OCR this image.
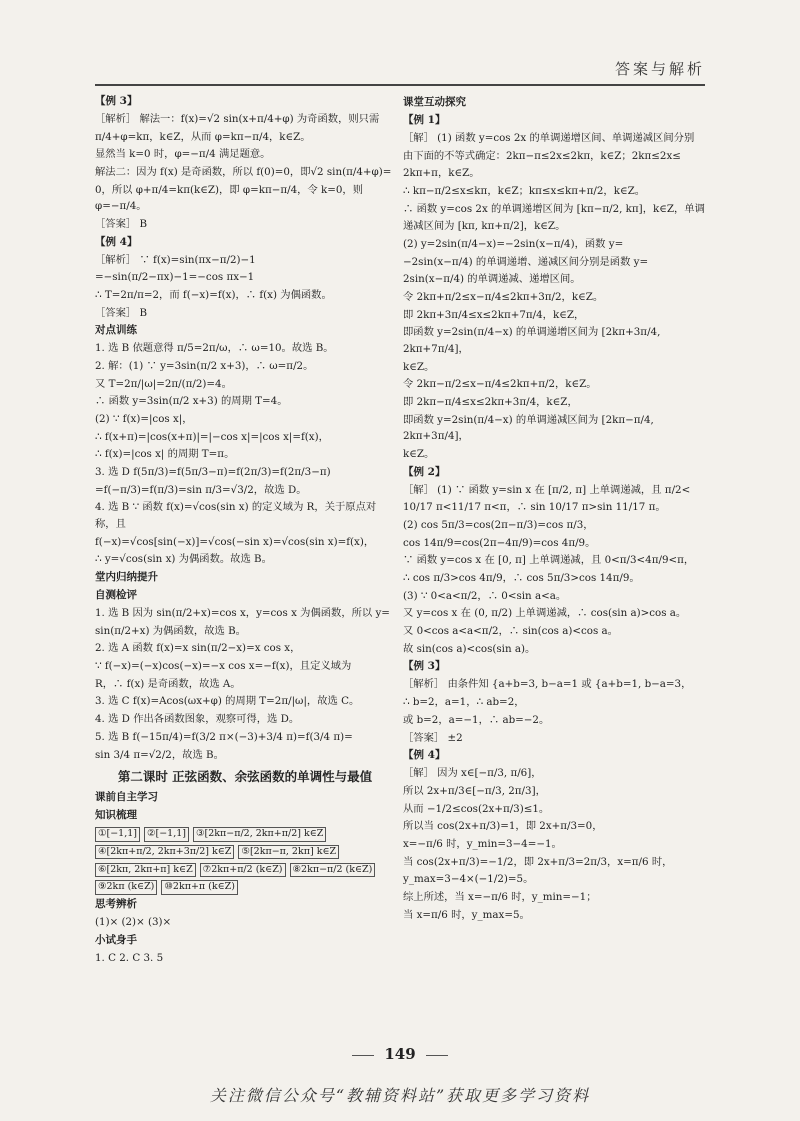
答案与解析

【例 3】

［解析］ 解法一：f(x)=√2 sin(x+π/4+φ) 为奇函数，则只需

π/4+φ=kπ，k∈Z，从而 φ=kπ−π/4，k∈Z。

显然当 k=0 时，φ=−π/4 满足题意。

解法二：因为 f(x) 是奇函数，所以 f(0)=0，即√2 sin(π/4+φ)=

0，所以 φ+π/4=kπ(k∈Z)，即 φ=kπ−π/4，令 k=0，则 φ=−π/4。

［答案］ B

【例 4】

［解析］ ∵ f(x)=sin(πx−π/2)−1

=−sin(π/2−πx)−1=−cos πx−1

∴ T=2π/π=2，而 f(−x)=f(x)，∴ f(x) 为偶函数。

［答案］ B

对点训练

1. 选 B 依题意得 π/5=2π/ω，∴ ω=10。故选 B。

2. 解：(1) ∵ y=3sin(π/2 x+3)，∴ ω=π/2。

又 T=2π/|ω|=2π/(π/2)=4。

∴ 函数 y=3sin(π/2 x+3) 的周期 T=4。

(2) ∵ f(x)=|cos x|，

∴ f(x+π)=|cos(x+π)|=|−cos x|=|cos x|=f(x)，

∴ f(x)=|cos x| 的周期 T=π。

3. 选 D f(5π/3)=f(5π/3−π)=f(2π/3)=f(2π/3−π)

=f(−π/3)=f(π/3)=sin π/3=√3/2，故选 D。

4. 选 B ∵ 函数 f(x)=√cos(sin x) 的定义域为 R，关于原点对称，且

f(−x)=√cos[sin(−x)]=√cos(−sin x)=√cos(sin x)=f(x)，

∴ y=√cos(sin x) 为偶函数。故选 B。

堂内归纳提升

自测检评

1. 选 B 因为 sin(π/2+x)=cos x，y=cos x 为偶函数，所以 y=

sin(π/2+x) 为偶函数，故选 B。

2. 选 A 函数 f(x)=x sin(π/2−x)=x cos x，

∵ f(−x)=(−x)cos(−x)=−x cos x=−f(x)，且定义域为

R，∴ f(x) 是奇函数，故选 A。

3. 选 C f(x)=Acos(ωx+φ) 的周期 T=2π/|ω|，故选 C。

4. 选 D 作出各函数图象，观察可得，选 D。

5. 选 B f(−15π/4)=f(3/2 π×(−3)+3/4 π)=f(3/4 π)=

sin 3/4 π=√2/2，故选 B。

第二课时 正弦函数、余弦函数的单调性与最值

课前自主学习

知识梳理

①[−1,1] ②[−1,1] ③[2kπ−π/2, 2kπ+π/2] k∈Z

④[2kπ+π/2, 2kπ+3π/2] k∈Z ⑤[2kπ−π, 2kπ] k∈Z

⑥[2kπ, 2kπ+π] k∈Z ⑦2kπ+π/2 (k∈Z) ⑧2kπ−π/2 (k∈Z)

⑨2kπ (k∈Z) ⑩2kπ+π (k∈Z)

思考辨析

(1)× (2)× (3)×

小试身手

1. C 2. C 3. 5

课堂互动探究

【例 1】

［解］ (1) 函数 y=cos 2x 的单调递增区间、单调递减区间分别

由下面的不等式确定：2kπ−π≤2x≤2kπ，k∈Z；2kπ≤2x≤

2kπ+π，k∈Z。

∴ kπ−π/2≤x≤kπ，k∈Z；kπ≤x≤kπ+π/2，k∈Z。

∴ 函数 y=cos 2x 的单调递增区间为 [kπ−π/2, kπ]，k∈Z，单调

递减区间为 [kπ, kπ+π/2]，k∈Z。

(2) y=2sin(π/4−x)=−2sin(x−π/4)，函数 y=

−2sin(x−π/4) 的单调递增、递减区间分别是函数 y=

2sin(x−π/4) 的单调递减、递增区间。

令 2kπ+π/2≤x−π/4≤2kπ+3π/2，k∈Z。

即 2kπ+3π/4≤x≤2kπ+7π/4，k∈Z，

即函数 y=2sin(π/4−x) 的单调递增区间为 [2kπ+3π/4, 2kπ+7π/4]，

k∈Z。

令 2kπ−π/2≤x−π/4≤2kπ+π/2，k∈Z。

即 2kπ−π/4≤x≤2kπ+3π/4，k∈Z，

即函数 y=2sin(π/4−x) 的单调递减区间为 [2kπ−π/4, 2kπ+3π/4]，

k∈Z。

【例 2】

［解］ (1) ∵ 函数 y=sin x 在 [π/2, π] 上单调递减，且 π/2<

10/17 π<11/17 π<π，∴ sin 10/17 π>sin 11/17 π。

(2) cos 5π/3=cos(2π−π/3)=cos π/3，

cos 14π/9=cos(2π−4π/9)=cos 4π/9。

∵ 函数 y=cos x 在 [0, π] 上单调递减，且 0<π/3<4π/9<π，

∴ cos π/3>cos 4π/9，∴ cos 5π/3>cos 14π/9。

(3) ∵ 0<a<π/2，∴ 0<sin a<a。

又 y=cos x 在 (0, π/2) 上单调递减，∴ cos(sin a)>cos a。

又 0<cos a<a<π/2，∴ sin(cos a)<cos a。

故 sin(cos a)<cos(sin a)。

【例 3】

［解析］ 由条件知 {a+b=3, b−a=1 或 {a+b=1, b−a=3，

∴ b=2，a=1，∴ ab=2，

或 b=2，a=−1，∴ ab=−2。

［答案］ ±2

【例 4】

［解］ 因为 x∈[−π/3, π/6]，

所以 2x+π/3∈[−π/3, 2π/3]，

从而 −1/2≤cos(2x+π/3)≤1。

所以当 cos(2x+π/3)=1，即 2x+π/3=0，

x=−π/6 时，y_min=3−4=−1。

当 cos(2x+π/3)=−1/2，即 2x+π/3=2π/3，x=π/6 时，

y_max=3−4×(−1/2)=5。

综上所述，当 x=−π/6 时，y_min=−1；

当 x=π/6 时，y_max=5。

149
关注微信公众号“教辅资料站”获取更多学习资料
